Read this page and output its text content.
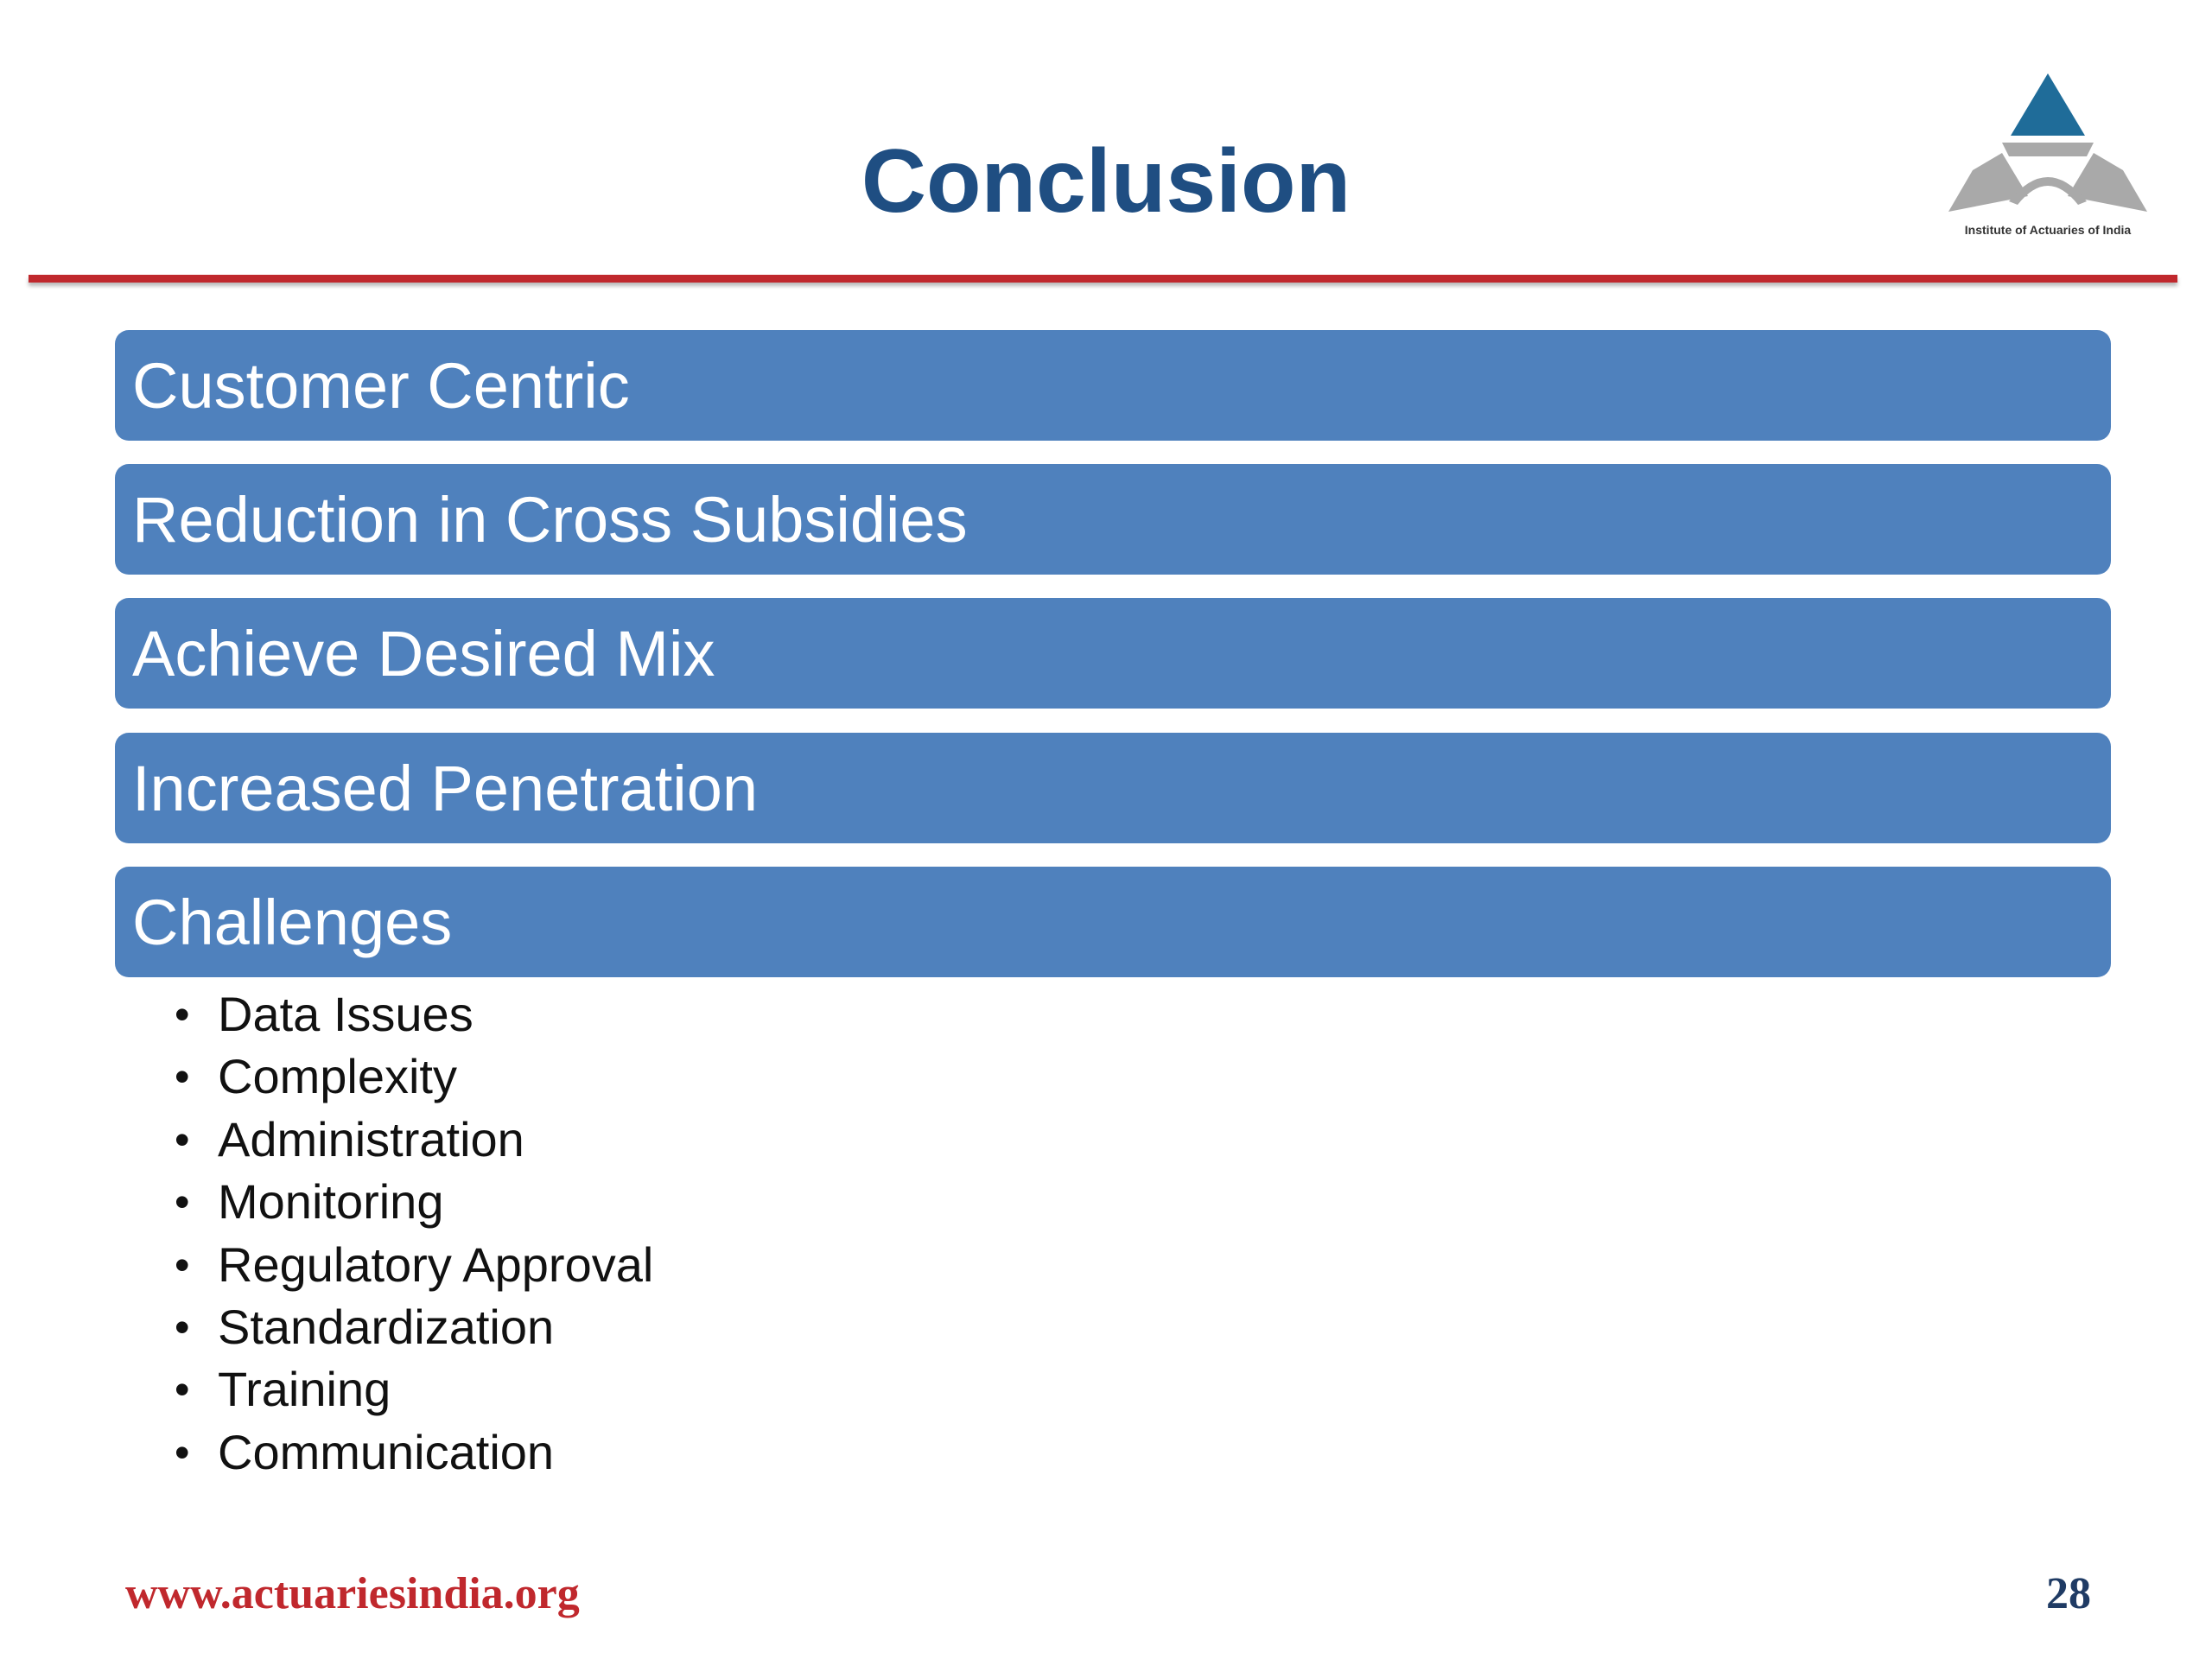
Conclusion	Institute of Actuaries of India
Customer Centric
Reduction in Cross Subsidies
Achieve Desired Mix
Increased Penetration
Challenges
• Data Issues
• Complexity
• Administration
• Monitoring
• Regulatory Approval
• Standardization
• Training
• Communication
www.actuariesindia.org	28
